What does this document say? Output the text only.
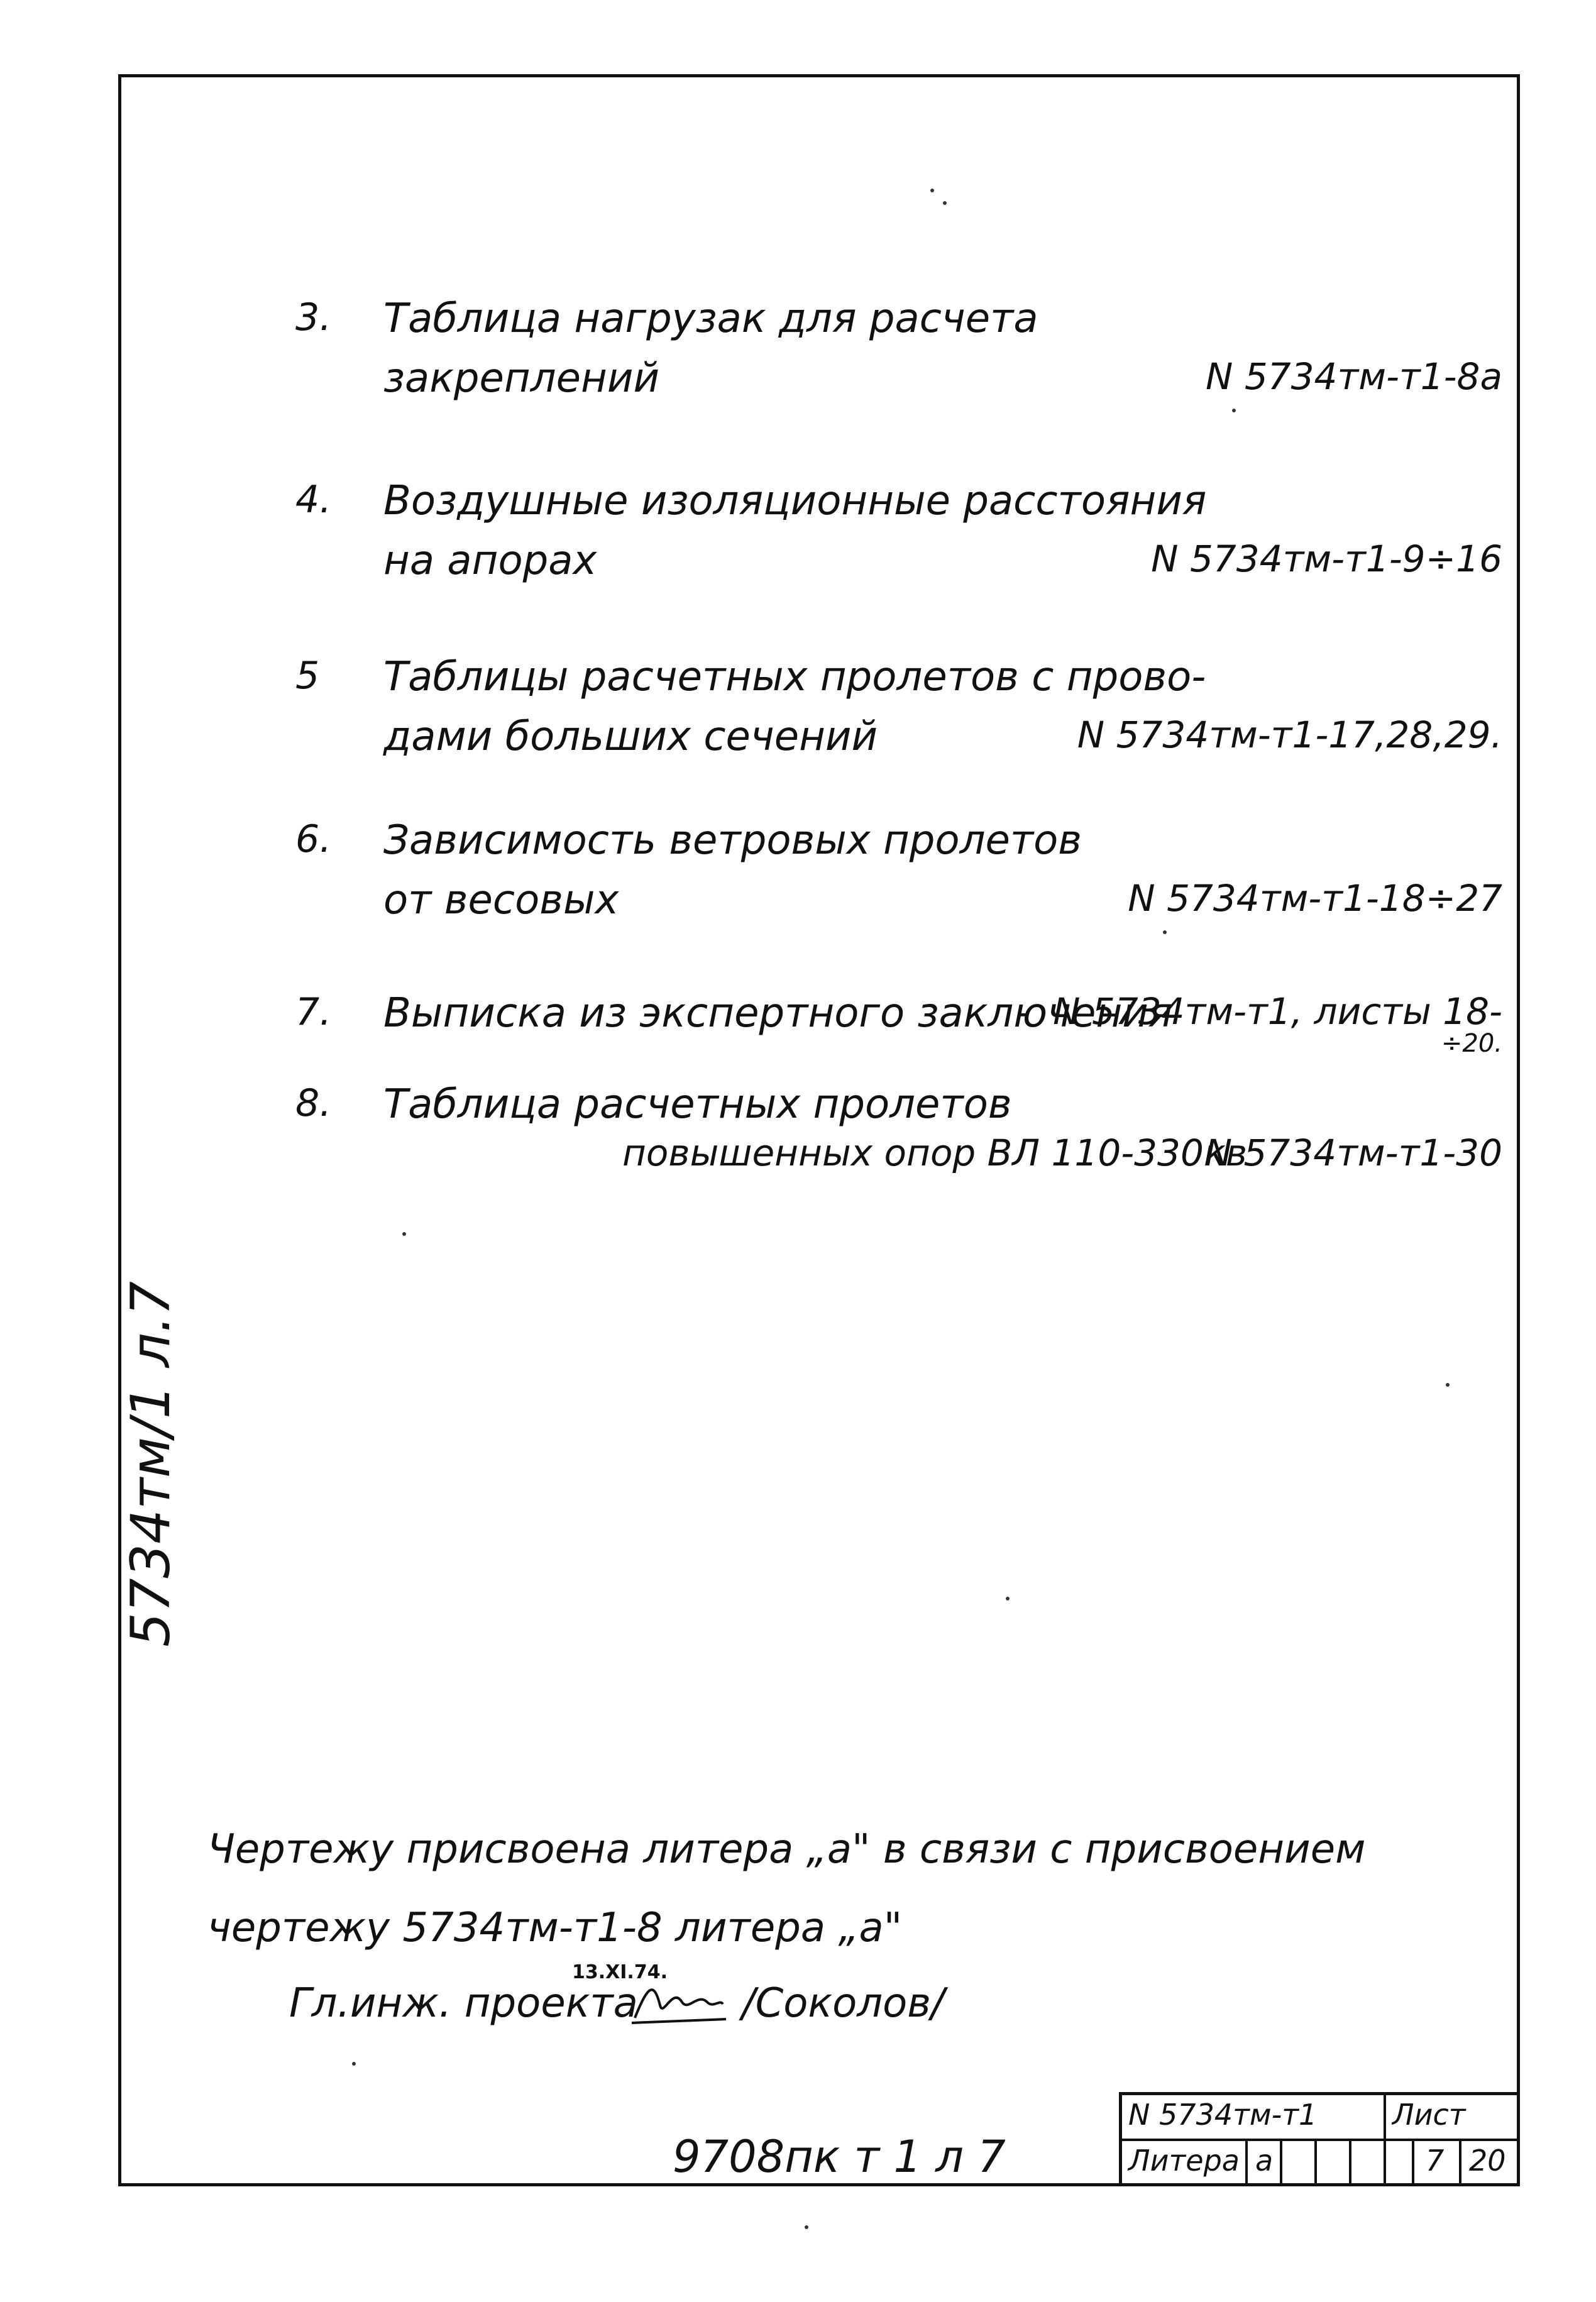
3. Таблица нагрузак для расчета
закреплений	N 5734тм-т1-8а
4. Воздушные изоляционные расстояния
на апорах	N 5734тм-т1-9÷16
5 Таблицы расчетных пролетов с прово-
дами больших сечений	N 5734тм-т1-17,28,29.
6. Зависимость ветровых пролетов
от весовых	N 5734тм-т1-18÷27
7. Выписка из экспертного заключения
N 5734тм-т1, листы 18-
÷20.
8. Таблица расчетных пролетов
повышенных опор ВЛ 110-330кв
N 5734тм-т1-30
5734тм/1 л.7
Чертежу присвоена литера „а" в связи с присвоением
чертежу 5734тм-т1-8 литера „а"
13.XI.74.
Гл.инж. проекта	/Соколов/
9708пк т 1 л 7
N 5734тм-т1	Лист
Литера а	7 20
